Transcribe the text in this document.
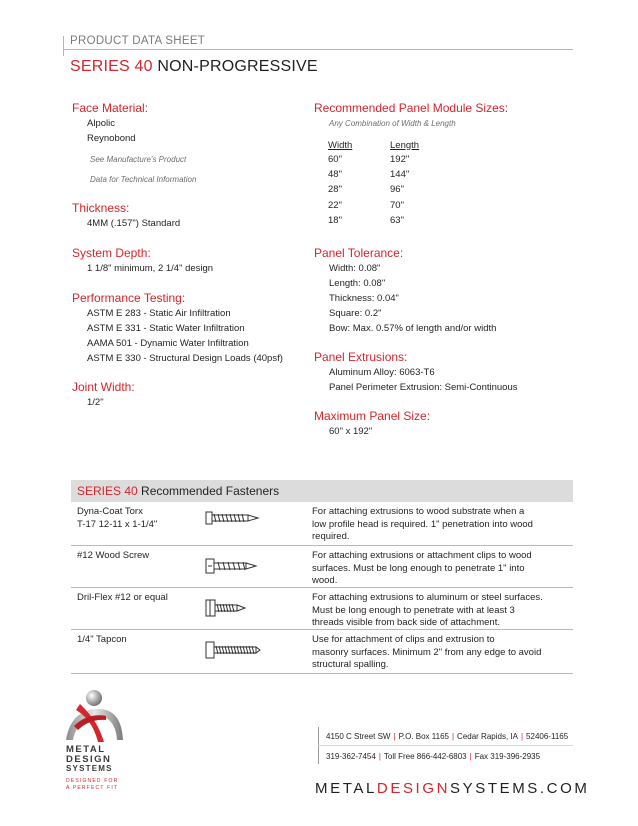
PRODUCT DATA SHEET
SERIES 40 NON-PROGRESSIVE

Face Material:

Alpolic

Reynobond

See Manufacture's Product

Data for Technical Information

Thickness:

4MM (.157") Standard

System Depth:

1 1/8" minimum, 2 1/4" design

Performance Testing:

ASTM E 283 - Static Air Infiltration

ASTM E 331 - Static Water Infiltration

AAMA 501 - Dynamic Water Infiltration

ASTM E 330 - Structural Design Loads (40psf)

Joint Width:

1/2"

Recommended Panel Module Sizes:

Any Combination of Width & Length

Width	Length
60"	192"
48"	144"
28"	96"
22"	70"
18"	63"

Panel Tolerance:

Width: 0.08"

Length: 0.08"

Thickness: 0.04"

Square: 0.2"

Bow: Max. 0.57% of length and/or width

Panel Extrusions:

Aluminum Alloy: 6063-T6

Panel Perimeter Extrusion: Semi-Continuous

Maximum Panel Size:

60" x 192"

SERIES 40 Recommended Fasteners
Dyna-Coat Torx
T-17 12-11 x 1-1/4"
For attaching extrusions to wood substrate when a
low profile head is required. 1" penetration into wood
required.
#12 Wood Screw	For attaching extrusions or attachment clips to wood
surfaces. Must be long enough to penetrate 1" into
wood.
Dril-Flex #12 or equal	For attaching extrusions to aluminum or steel surfaces.
Must be long enough to penetrate with at least 3
threads visible from back side of attachment.
1/4" Tapcon	Use for attachment of clips and extrusion to
masonry surfaces. Minimum 2" from any edge to avoid
structural spalling.
METAL
DESIGN
SYSTEMS
DESIGNED FOR
A PERFECT FIT
4150 C Street SW | P.O. Box 1165 | Cedar Rapids, IA | 52406-1165
319-362-7454 | Toll Free 866-442-6803 | Fax 319-396-2935
METALDESIGNSYSTEMS.COM
